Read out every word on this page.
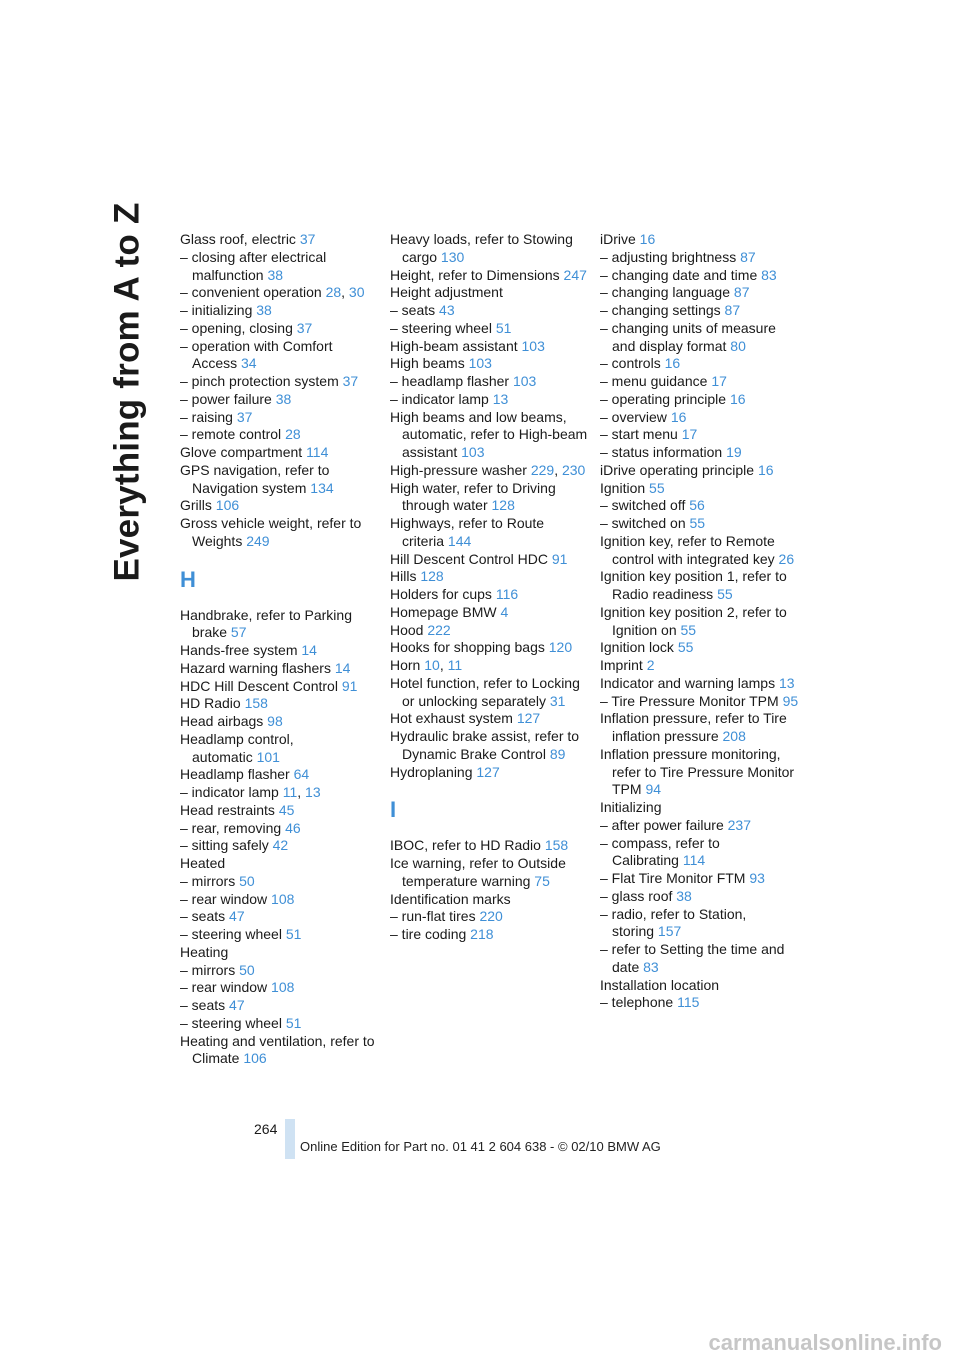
Everything from A to Z Glass roof, electric 37
– closing after electrical malfunction 38
– convenient operation 28, 30
– initializing 38
– opening, closing 37
– operation with Comfort Access 34
– pinch protection system 37
– power failure 38
– raising 37
– remote control 28
Glove compartment 114
GPS navigation, refer to Navigation system 134
Grills 106
Gross vehicle weight, refer to Weights 249
H
Handbrake, refer to Parking brake 57
Hands-free system 14
Hazard warning flashers 14
HDC Hill Descent Control 91
HD Radio 158
Head airbags 98
Headlamp control, automatic 101
Headlamp flasher 64
– indicator lamp 11, 13
Head restraints 45
– rear, removing 46
– sitting safely 42
Heated
– mirrors 50
– rear window 108
– seats 47
– steering wheel 51
Heating
– mirrors 50
– rear window 108
– seats 47
– steering wheel 51
Heating and ventilation, refer to Climate 106
Heavy loads, refer to Stowing cargo 130
Height, refer to Dimensions 247
Height adjustment
– seats 43
– steering wheel 51
High-beam assistant 103
High beams 103
– headlamp flasher 103
– indicator lamp 13
High beams and low beams, automatic, refer to High-beam assistant 103
High-pressure washer 229, 230
High water, refer to Driving through water 128
Highways, refer to Route criteria 144
Hill Descent Control HDC 91
Hills 128
Holders for cups 116
Homepage BMW 4
Hood 222
Hooks for shopping bags 120
Horn 10, 11
Hotel function, refer to Locking or unlocking separately 31
Hot exhaust system 127
Hydraulic brake assist, refer to Dynamic Brake Control 89
Hydroplaning 127
I
IBOC, refer to HD Radio 158
Ice warning, refer to Outside temperature warning 75
Identification marks
– run-flat tires 220
– tire coding 218
iDrive 16
– adjusting brightness 87
– changing date and time 83
– changing language 87
– changing settings 87
– changing units of measure and display format 80
– controls 16
– menu guidance 17
– operating principle 16
– overview 16
– start menu 17
– status information 19
iDrive operating principle 16
Ignition 55
– switched off 56
– switched on 55
Ignition key, refer to Remote control with integrated key 26
Ignition key position 1, refer to Radio readiness 55
Ignition key position 2, refer to Ignition on 55
Ignition lock 55
Imprint 2
Indicator and warning lamps 13
– Tire Pressure Monitor TPM 95
Inflation pressure, refer to Tire inflation pressure 208
Inflation pressure monitoring, refer to Tire Pressure Monitor TPM 94
Initializing
– after power failure 237
– compass, refer to Calibrating 114
– Flat Tire Monitor FTM 93
– glass roof 38
– radio, refer to Station, storing 157
– refer to Setting the time and date 83
Installation location
– telephone 115
264
Online Edition for Part no. 01 41 2 604 638 - © 02/10 BMW AG
carmanualsonline.info
